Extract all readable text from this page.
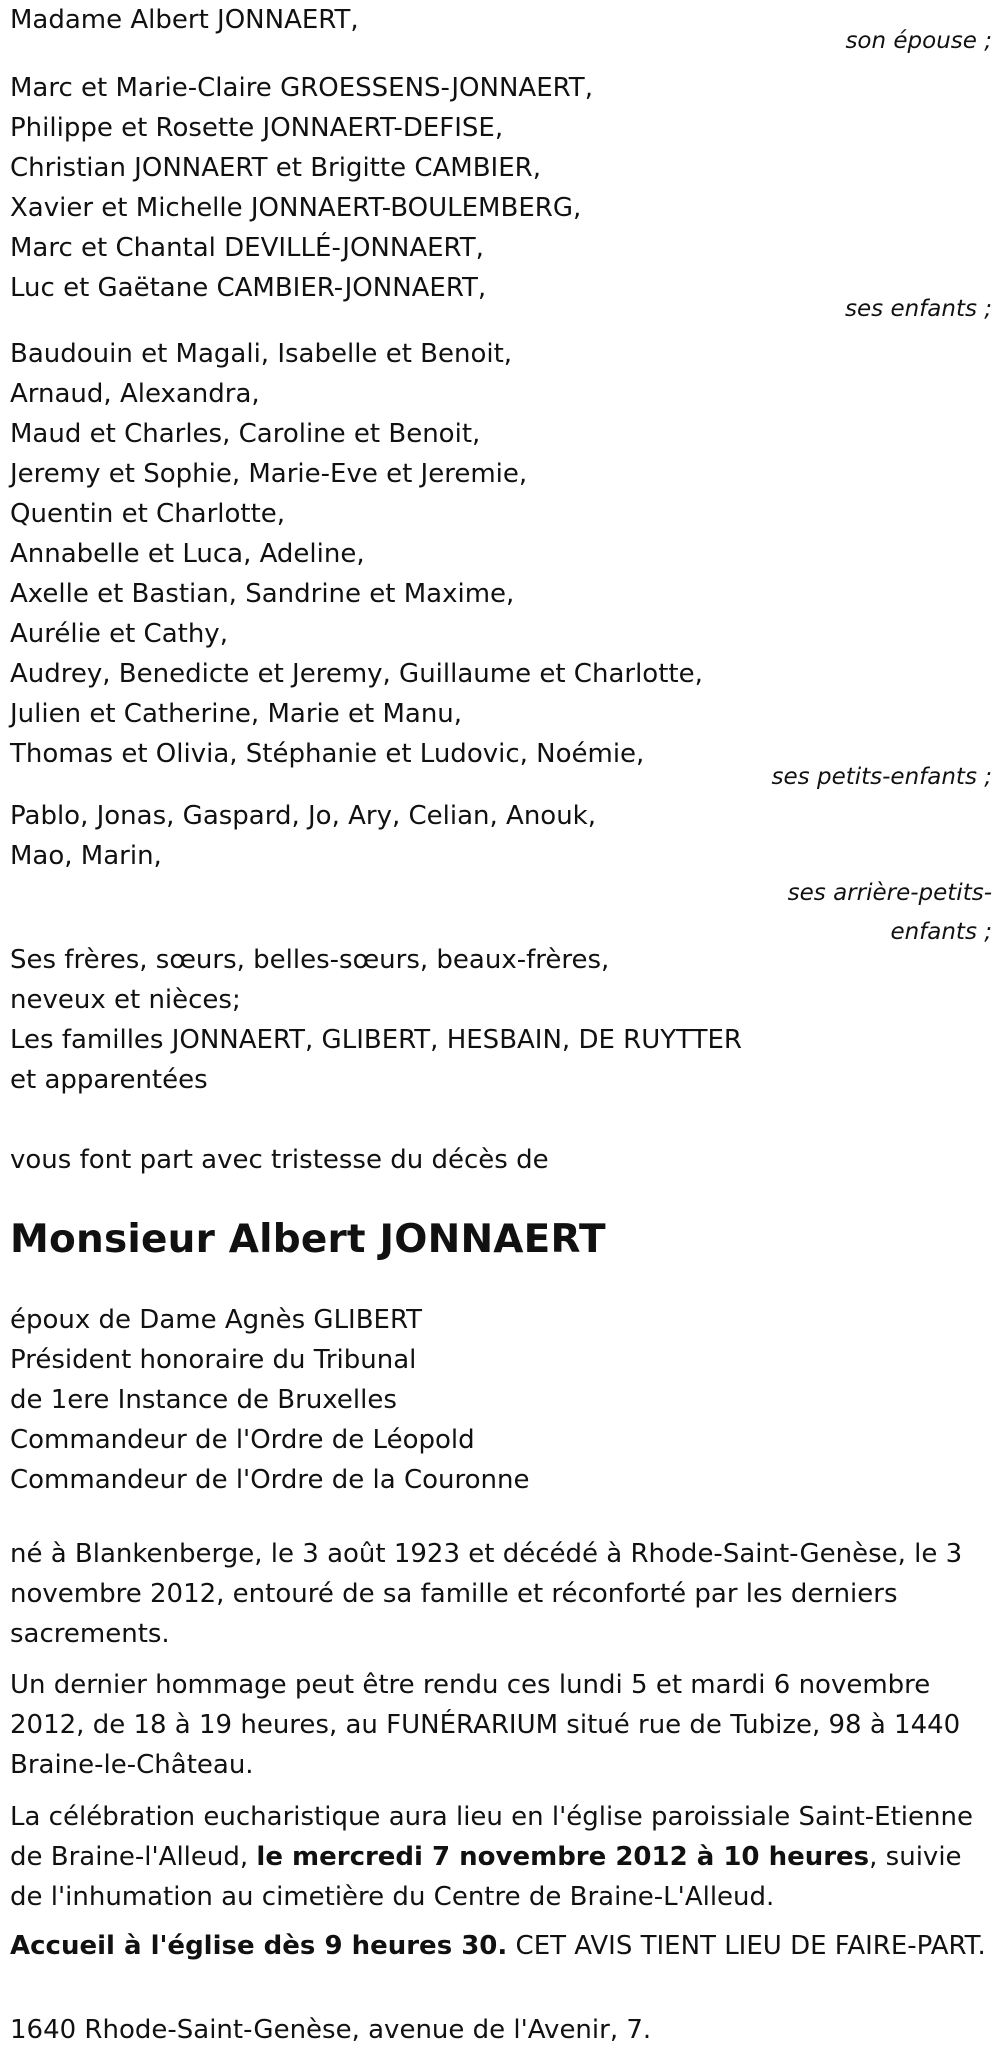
Madame Albert JONNAERT,
son épouse ;
Marc et Marie-Claire GROESSENS-JONNAERT,
Philippe et Rosette JONNAERT-DEFISE,
Christian JONNAERT et Brigitte CAMBIER,
Xavier et Michelle JONNAERT-BOULEMBERG,
Marc et Chantal DEVILLÉ-JONNAERT,
Luc et Gaëtane CAMBIER-JONNAERT,
ses enfants ;
Baudouin et Magali, Isabelle et Benoit,
Arnaud, Alexandra,
Maud et Charles, Caroline et Benoit,
Jeremy et Sophie, Marie-Eve et Jeremie,
Quentin et Charlotte,
Annabelle et Luca, Adeline,
Axelle et Bastian, Sandrine et Maxime,
Aurélie et Cathy,
Audrey, Benedicte et Jeremy, Guillaume et Charlotte,
Julien et Catherine, Marie et Manu,
Thomas et Olivia, Stéphanie et Ludovic, Noémie,
ses petits-enfants ;
Pablo, Jonas, Gaspard, Jo, Ary, Celian, Anouk,
Mao, Marin,
ses arrière-petits-
enfants ;
Ses frères, sœurs, belles-sœurs, beaux-frères,
neveux et nièces;
Les familles JONNAERT, GLIBERT, HESBAIN, DE RUYTTER
et apparentées
vous font part avec tristesse du décès de
Monsieur Albert JONNAERT
époux de Dame Agnès GLIBERT
Président honoraire du Tribunal
de 1ere Instance de Bruxelles
Commandeur de l'Ordre de Léopold
Commandeur de l'Ordre de la Couronne
né à Blankenberge, le 3 août 1923 et décédé à Rhode-Saint-Genèse, le 3 novembre 2012, entouré de sa famille et réconforté par les derniers sacrements.
Un dernier hommage peut être rendu ces lundi 5 et mardi 6 novembre 2012, de 18 à 19 heures, au FUNÉRARIUM situé rue de Tubize, 98 à 1440 Braine-le-Château.
La célébration eucharistique aura lieu en l'église paroissiale Saint-Etienne de Braine-l'Alleud, le mercredi 7 novembre 2012 à 10 heures, suivie de l'inhumation au cimetière du Centre de Braine-L'Alleud.
Accueil à l'église dès 9 heures 30. CET AVIS TIENT LIEU DE FAIRE-PART.
1640 Rhode-Saint-Genèse, avenue de l'Avenir, 7.
